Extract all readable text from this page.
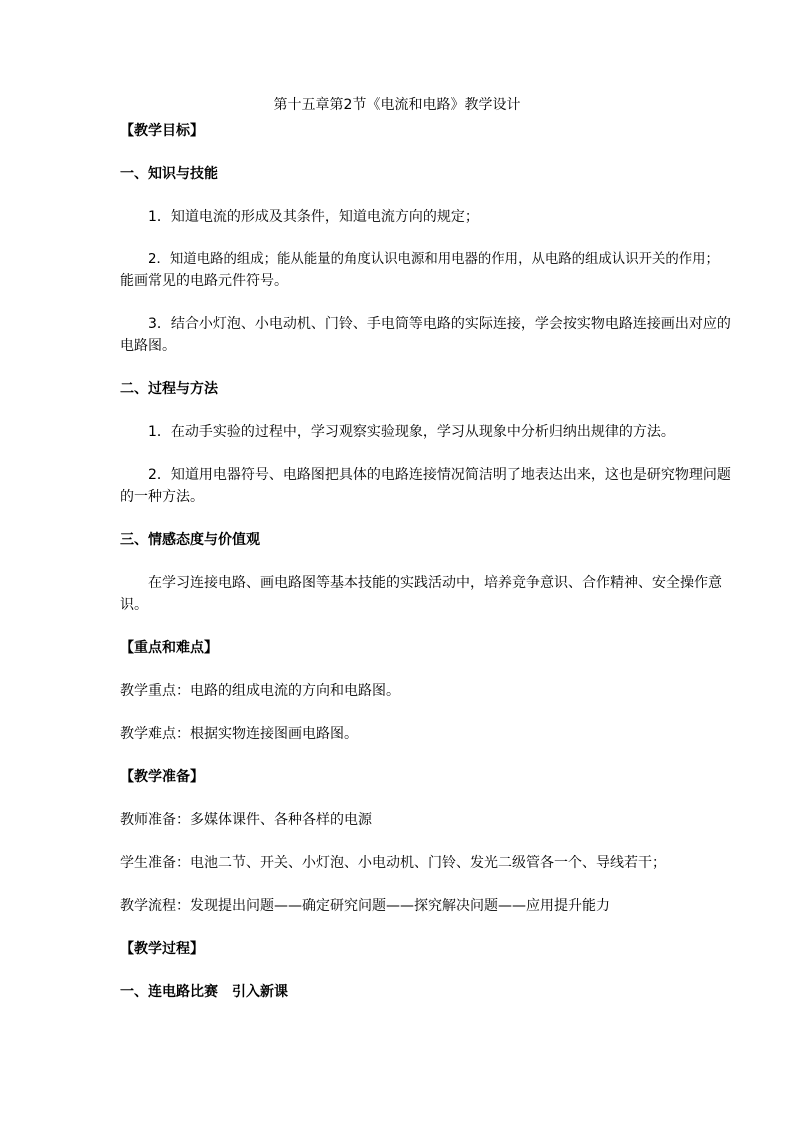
第十五章第2节《电流和电路》教学设计
【教学目标】
一、知识与技能
1．知道电流的形成及其条件，知道电流方向的规定；
2．知道电路的组成；能从能量的角度认识电源和用电器的作用，从电路的组成认识开关的作用；
能画常见的电路元件符号。
3．结合小灯泡、小电动机、门铃、手电筒等电路的实际连接，学会按实物电路连接画出对应的
电路图。
二、过程与方法
1．在动手实验的过程中，学习观察实验现象，学习从现象中分析归纳出规律的方法。
2．知道用电器符号、电路图把具体的电路连接情况简洁明了地表达出来，这也是研究物理问题
的一种方法。
三、情感态度与价值观
在学习连接电路、画电路图等基本技能的实践活动中，培养竞争意识、合作精神、安全操作意
识。
【重点和难点】
教学重点：电路的组成电流的方向和电路图。
教学难点：根据实物连接图画电路图。
【教学准备】
教师准备：多媒体课件、各种各样的电源
学生准备：电池二节、开关、小灯泡、小电动机、门铃、发光二级管各一个、导线若干；
教学流程：发现提出问题——确定研究问题——探究解决问题——应用提升能力
【教学过程】
一、连电路比赛　引入新课
